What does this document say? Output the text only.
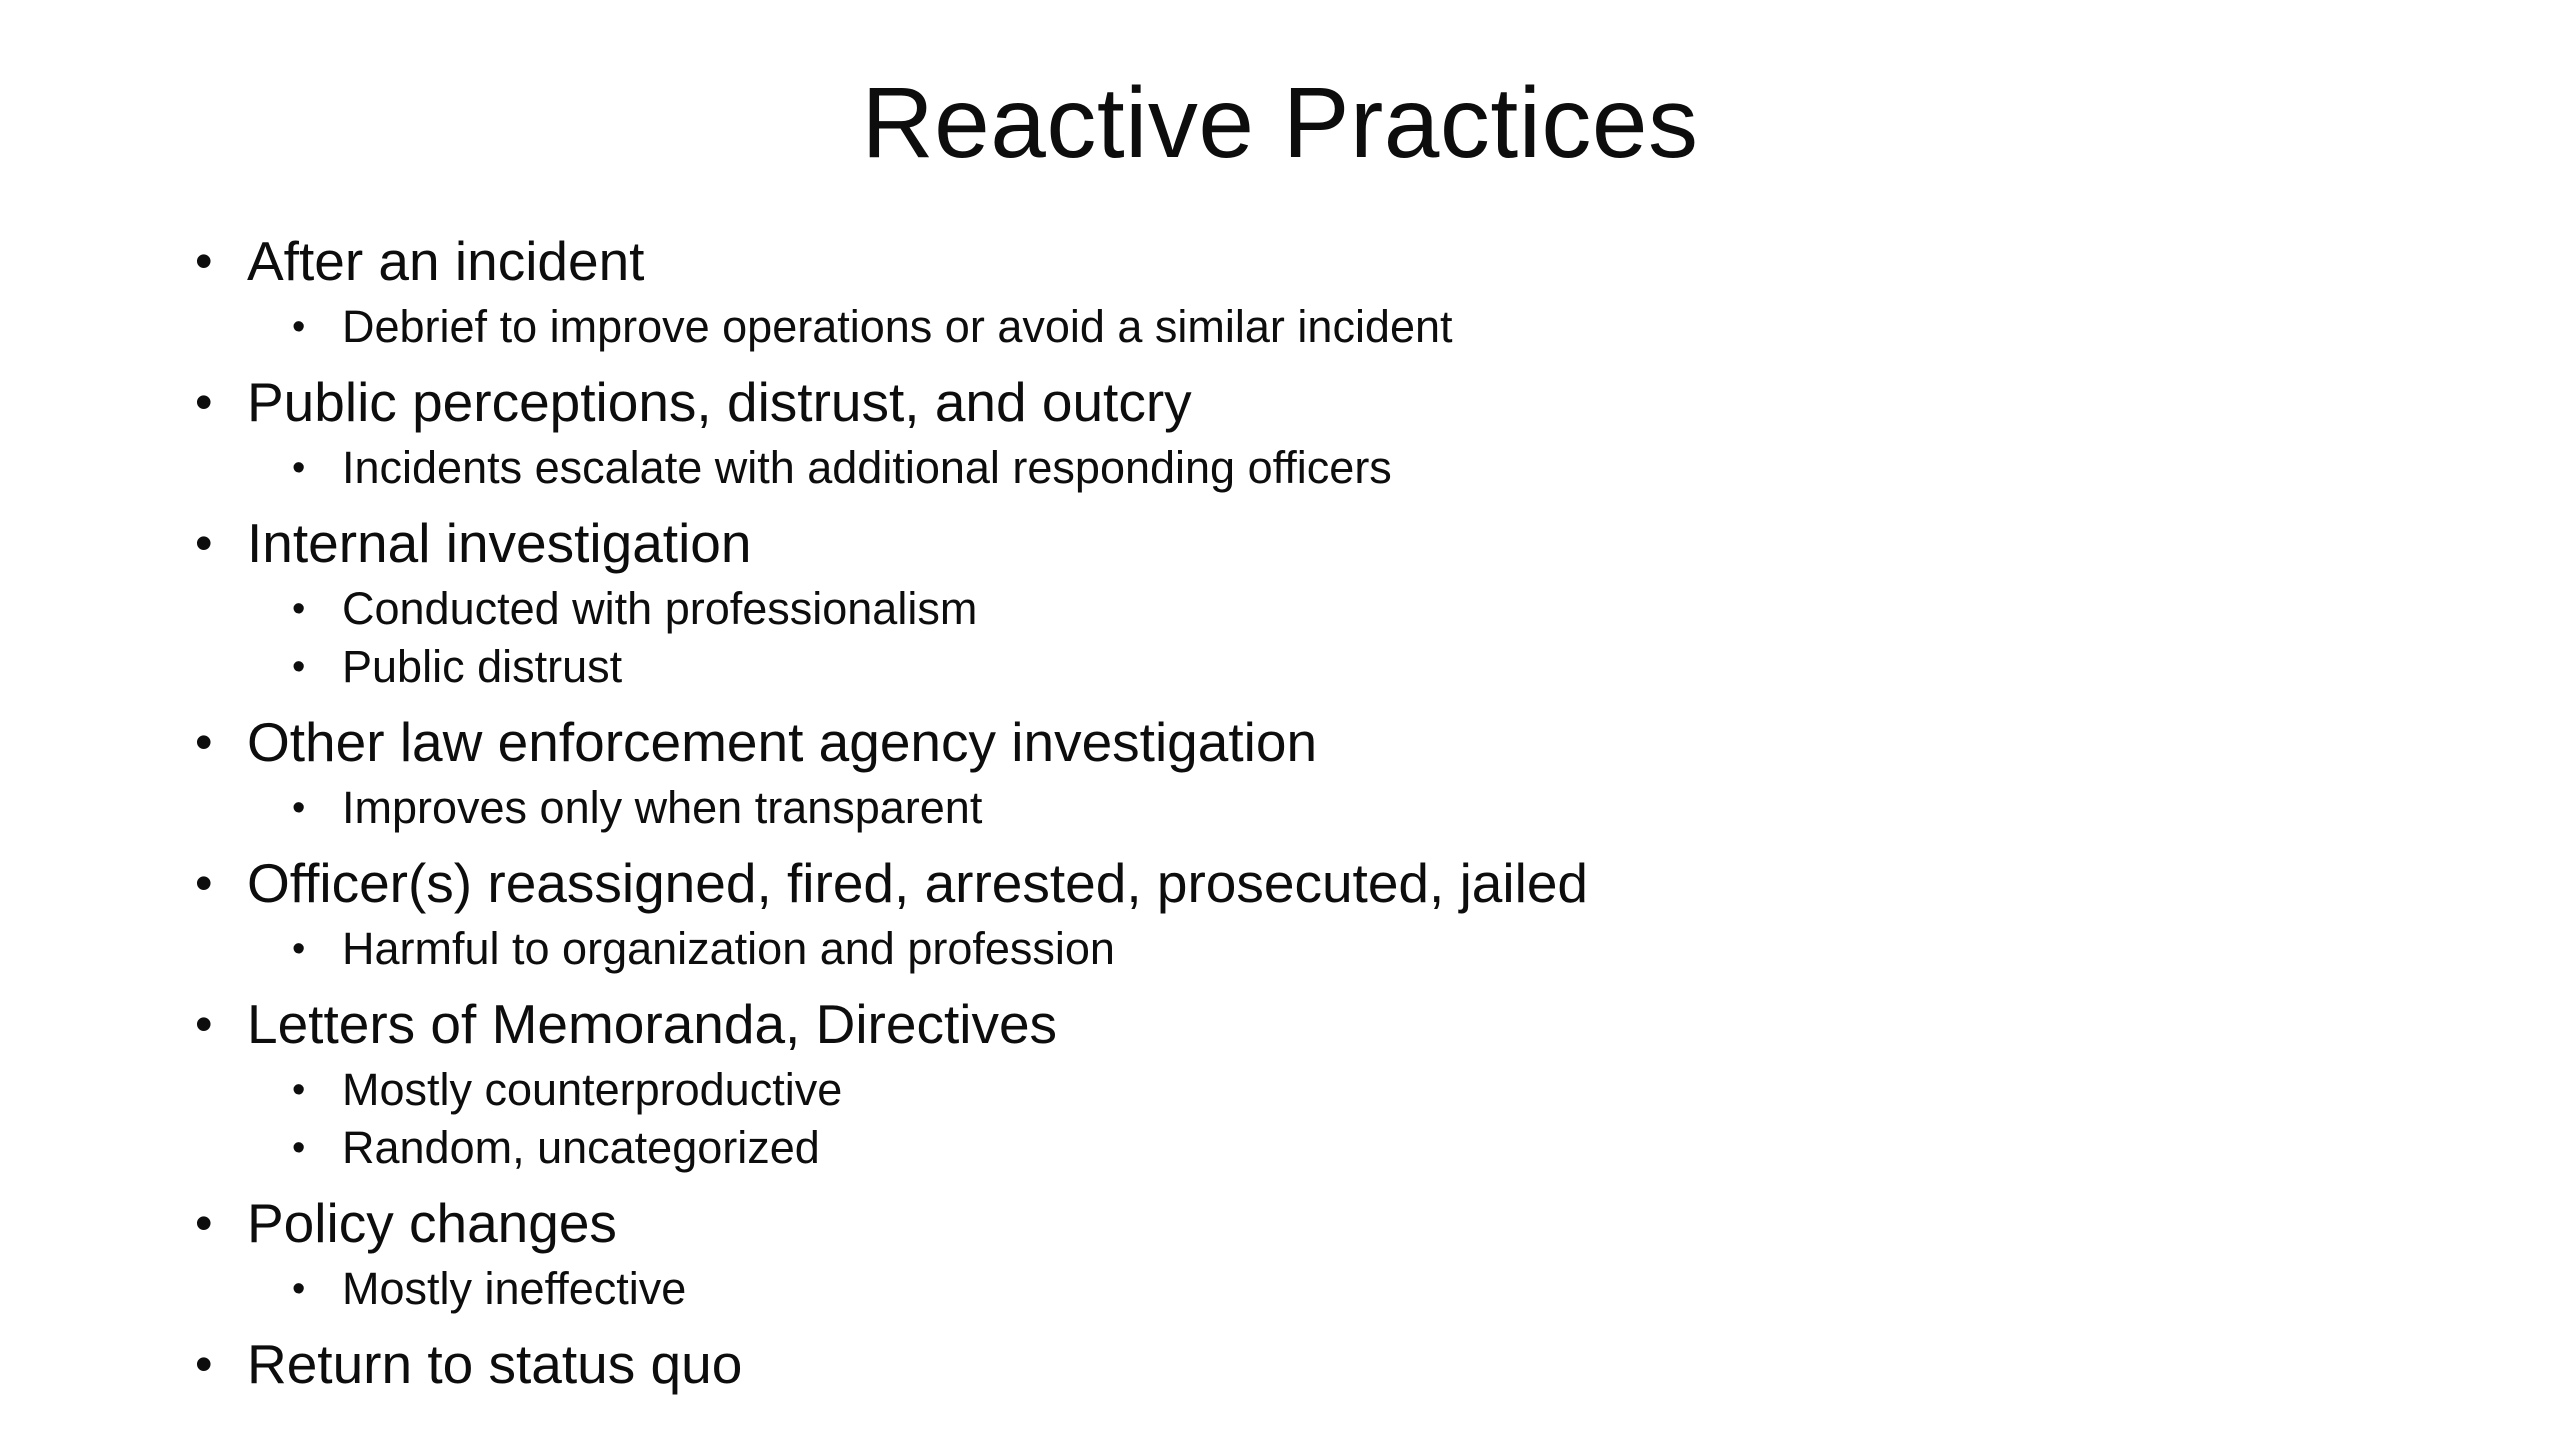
Reactive Practices
• After an incident
• Debrief to improve operations or avoid a similar incident
• Public perceptions, distrust, and outcry
• Incidents escalate with additional responding officers
• Internal investigation
• Conducted with professionalism
• Public distrust
• Other law enforcement agency investigation
• Improves only when transparent
• Officer(s) reassigned, fired, arrested, prosecuted, jailed
• Harmful to organization and profession
• Letters of Memoranda, Directives
• Mostly counterproductive
• Random, uncategorized
• Policy changes
• Mostly ineffective
• Return to status quo
